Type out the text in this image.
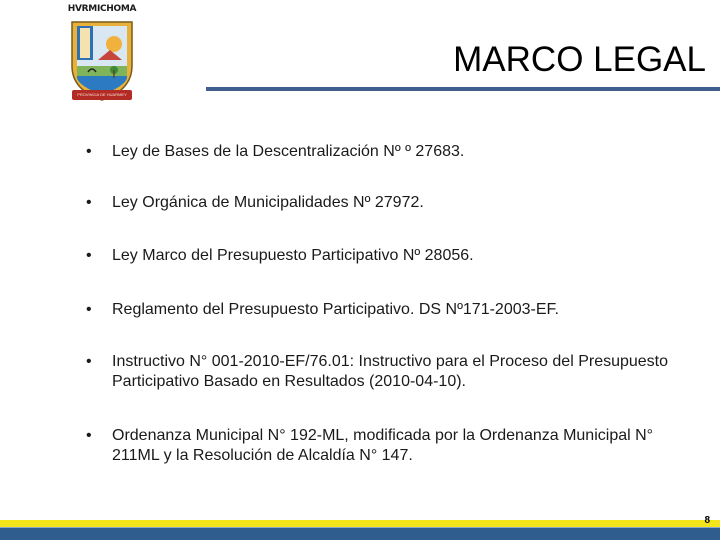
HVRMICHOMA
PROVINCIA DE HUARMEY
MARCO LEGAL
•	Ley de Bases de la Descentralización Nº º 27683.
•	Ley Orgánica de Municipalidades Nº 27972.
•	Ley Marco del Presupuesto Participativo Nº 28056.
•	Reglamento del Presupuesto Participativo. DS Nº171-2003-EF.
•	Instructivo N° 001-2010-EF/76.01: Instructivo para el Proceso del Presupuesto Participativo Basado en Resultados (2010-04-10).
•	Ordenanza Municipal N° 192-ML, modificada por la Ordenanza Municipal N° 211ML y la Resolución de Alcaldía N° 147.
8
